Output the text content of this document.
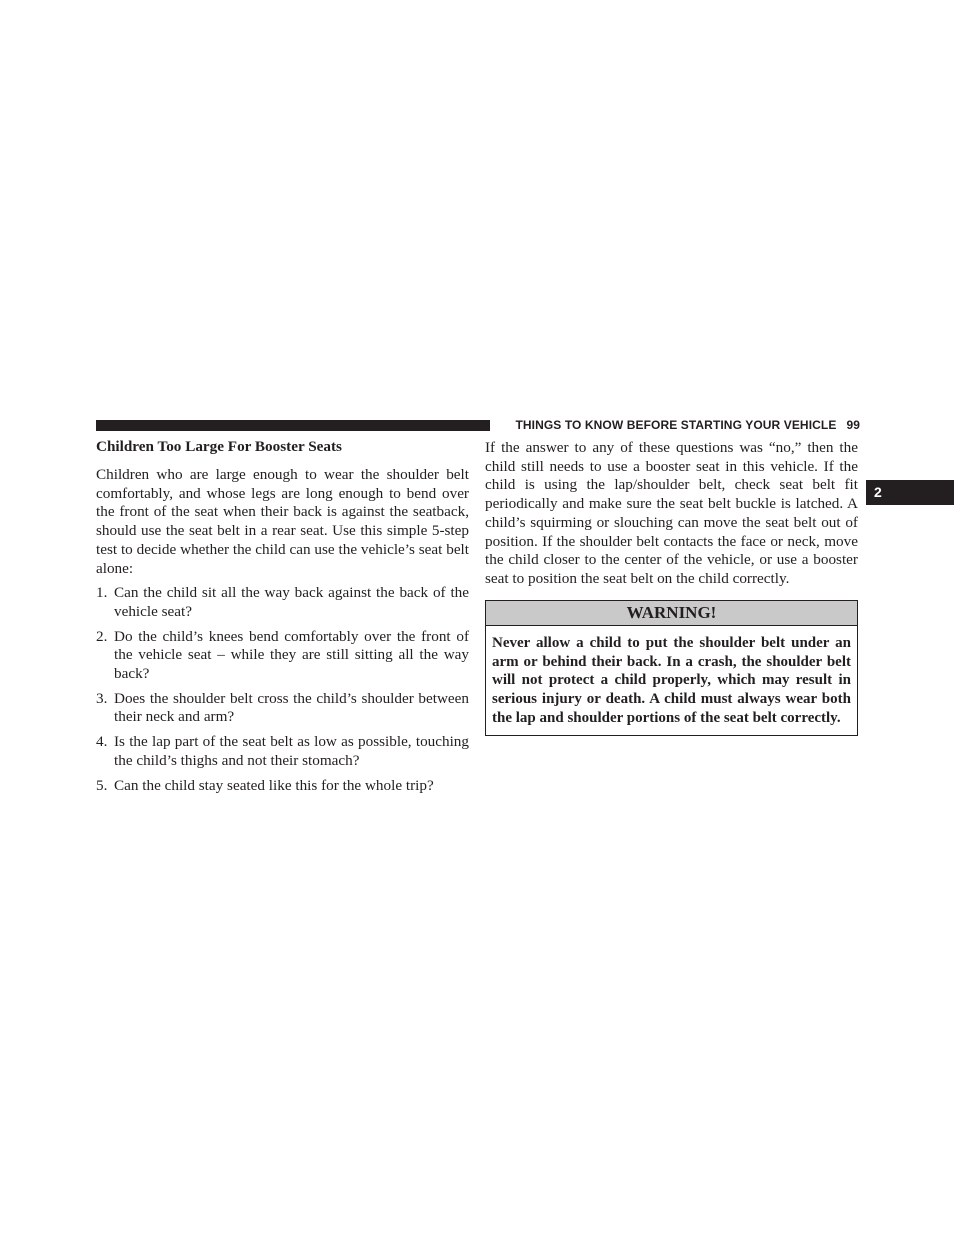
THINGS TO KNOW BEFORE STARTING YOUR VEHICLE 99
2
Children Too Large For Booster Seats

Children who are large enough to wear the shoulder belt comfortably, and whose legs are long enough to bend over the front of the seat when their back is against the seatback, should use the seat belt in a rear seat. Use this simple 5-step test to decide whether the child can use the vehicle’s seat belt alone:

1. Can the child sit all the way back against the back of the vehicle seat?
2. Do the child’s knees bend comfortably over the front of the vehicle seat – while they are still sitting all the way back?
3. Does the shoulder belt cross the child’s shoulder between their neck and arm?
4. Is the lap part of the seat belt as low as possible, touching the child’s thighs and not their stomach?
5. Can the child stay seated like this for the whole trip?

If the answer to any of these questions was “no,” then the child still needs to use a booster seat in this vehicle. If the child is using the lap/shoulder belt, check seat belt fit periodically and make sure the seat belt buckle is latched. A child’s squirming or slouching can move the seat belt out of position. If the shoulder belt contacts the face or neck, move the child closer to the center of the vehicle, or use a booster seat to position the seat belt on the child correctly.

WARNING!
Never allow a child to put the shoulder belt under an arm or behind their back. In a crash, the shoulder belt will not protect a child properly, which may result in serious injury or death. A child must always wear both the lap and shoulder portions of the seat belt correctly.
